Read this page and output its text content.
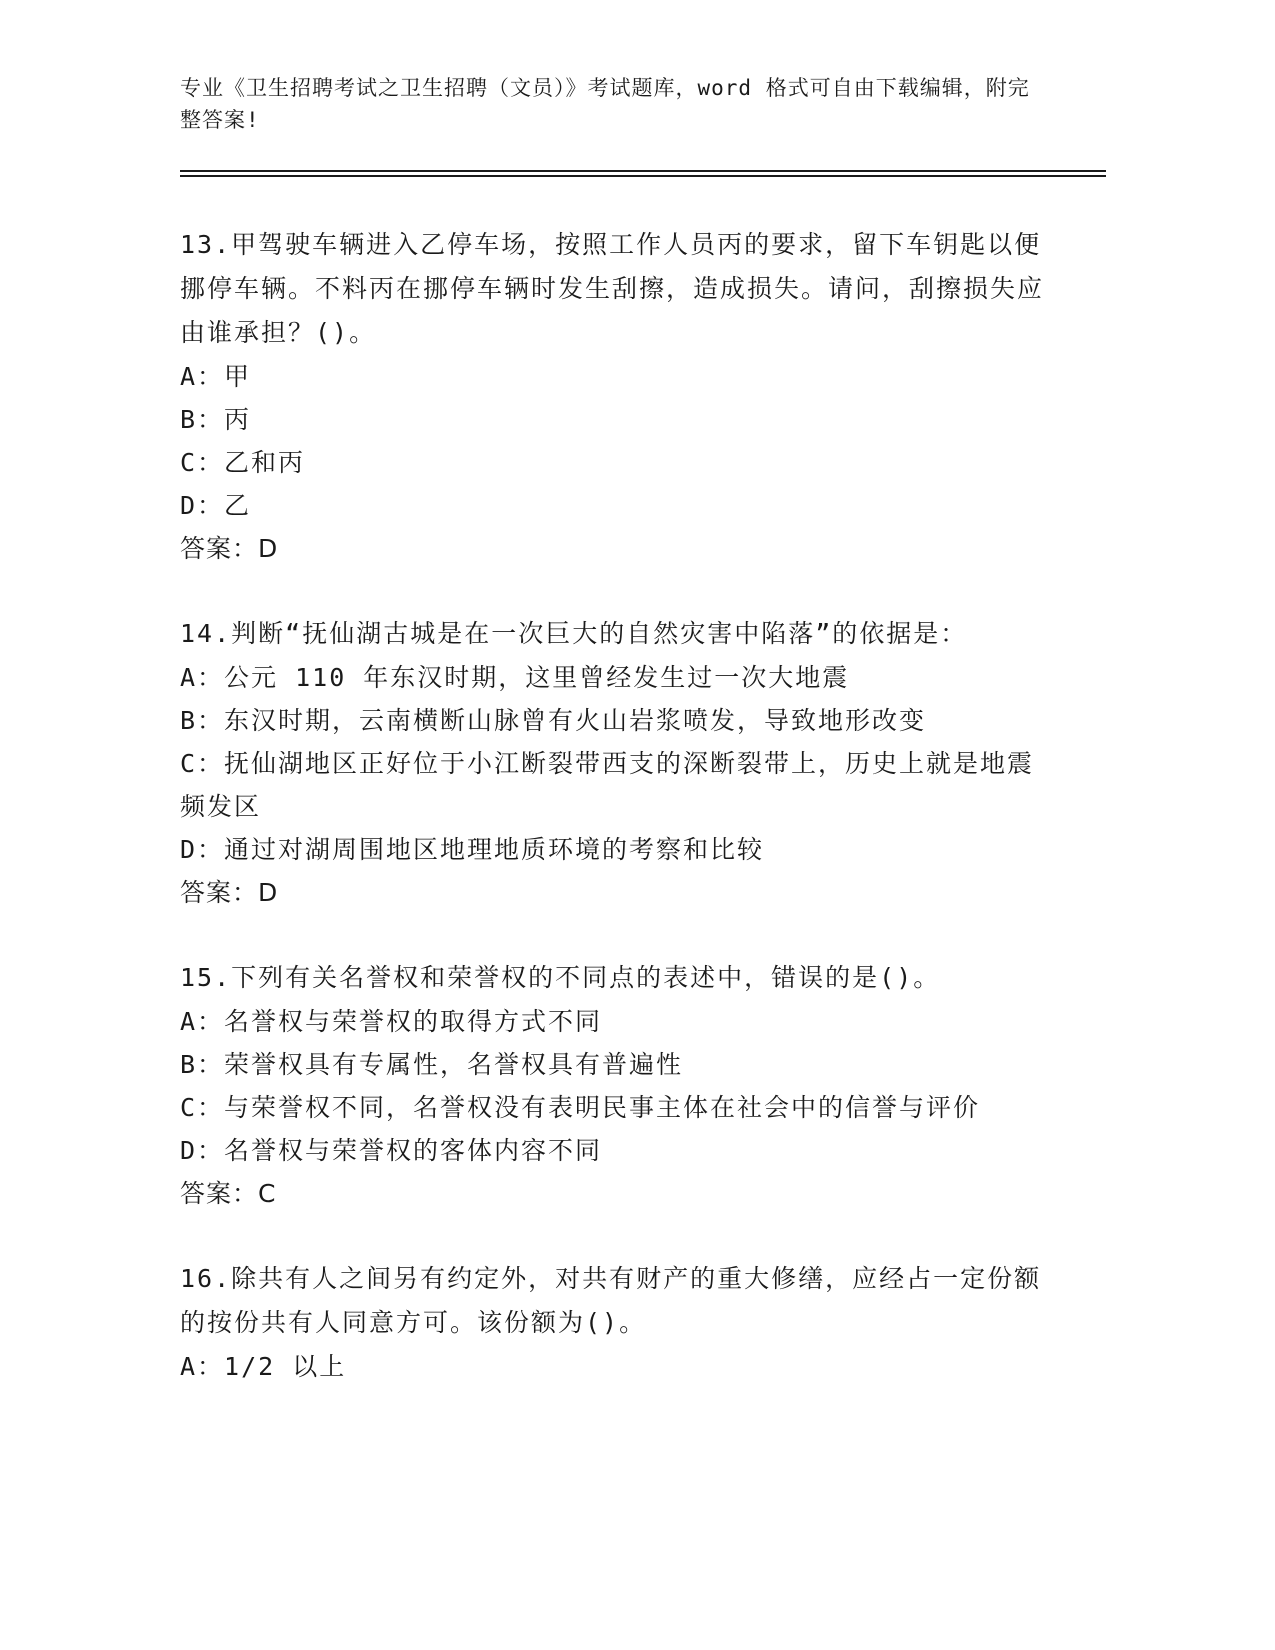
专业《卫生招聘考试之卫生招聘（文员）》考试题库，word 格式可自由下载编辑，附完整答案!

13.甲驾驶车辆进入乙停车场，按照工作人员丙的要求，留下车钥匙以便挪停车辆。不料丙在挪停车辆时发生刮擦，造成损失。请问，刮擦损失应由谁承担？()。

A：甲

B：丙

C：乙和丙

D：乙

答案：D

14.判断“抚仙湖古城是在一次巨大的自然灾害中陷落”的依据是：

A：公元 110 年东汉时期，这里曾经发生过一次大地震

B：东汉时期，云南横断山脉曾有火山岩浆喷发，导致地形改变

C：抚仙湖地区正好位于小江断裂带西支的深断裂带上，历史上就是地震频发区

D：通过对湖周围地区地理地质环境的考察和比较

答案：D

15.下列有关名誉权和荣誉权的不同点的表述中，错误的是()。

A：名誉权与荣誉权的取得方式不同

B：荣誉权具有专属性，名誉权具有普遍性

C：与荣誉权不同，名誉权没有表明民事主体在社会中的信誉与评价

D：名誉权与荣誉权的客体内容不同

答案：C

16.除共有人之间另有约定外，对共有财产的重大修缮，应经占一定份额的按份共有人同意方可。该份额为()。

A：1/2 以上
